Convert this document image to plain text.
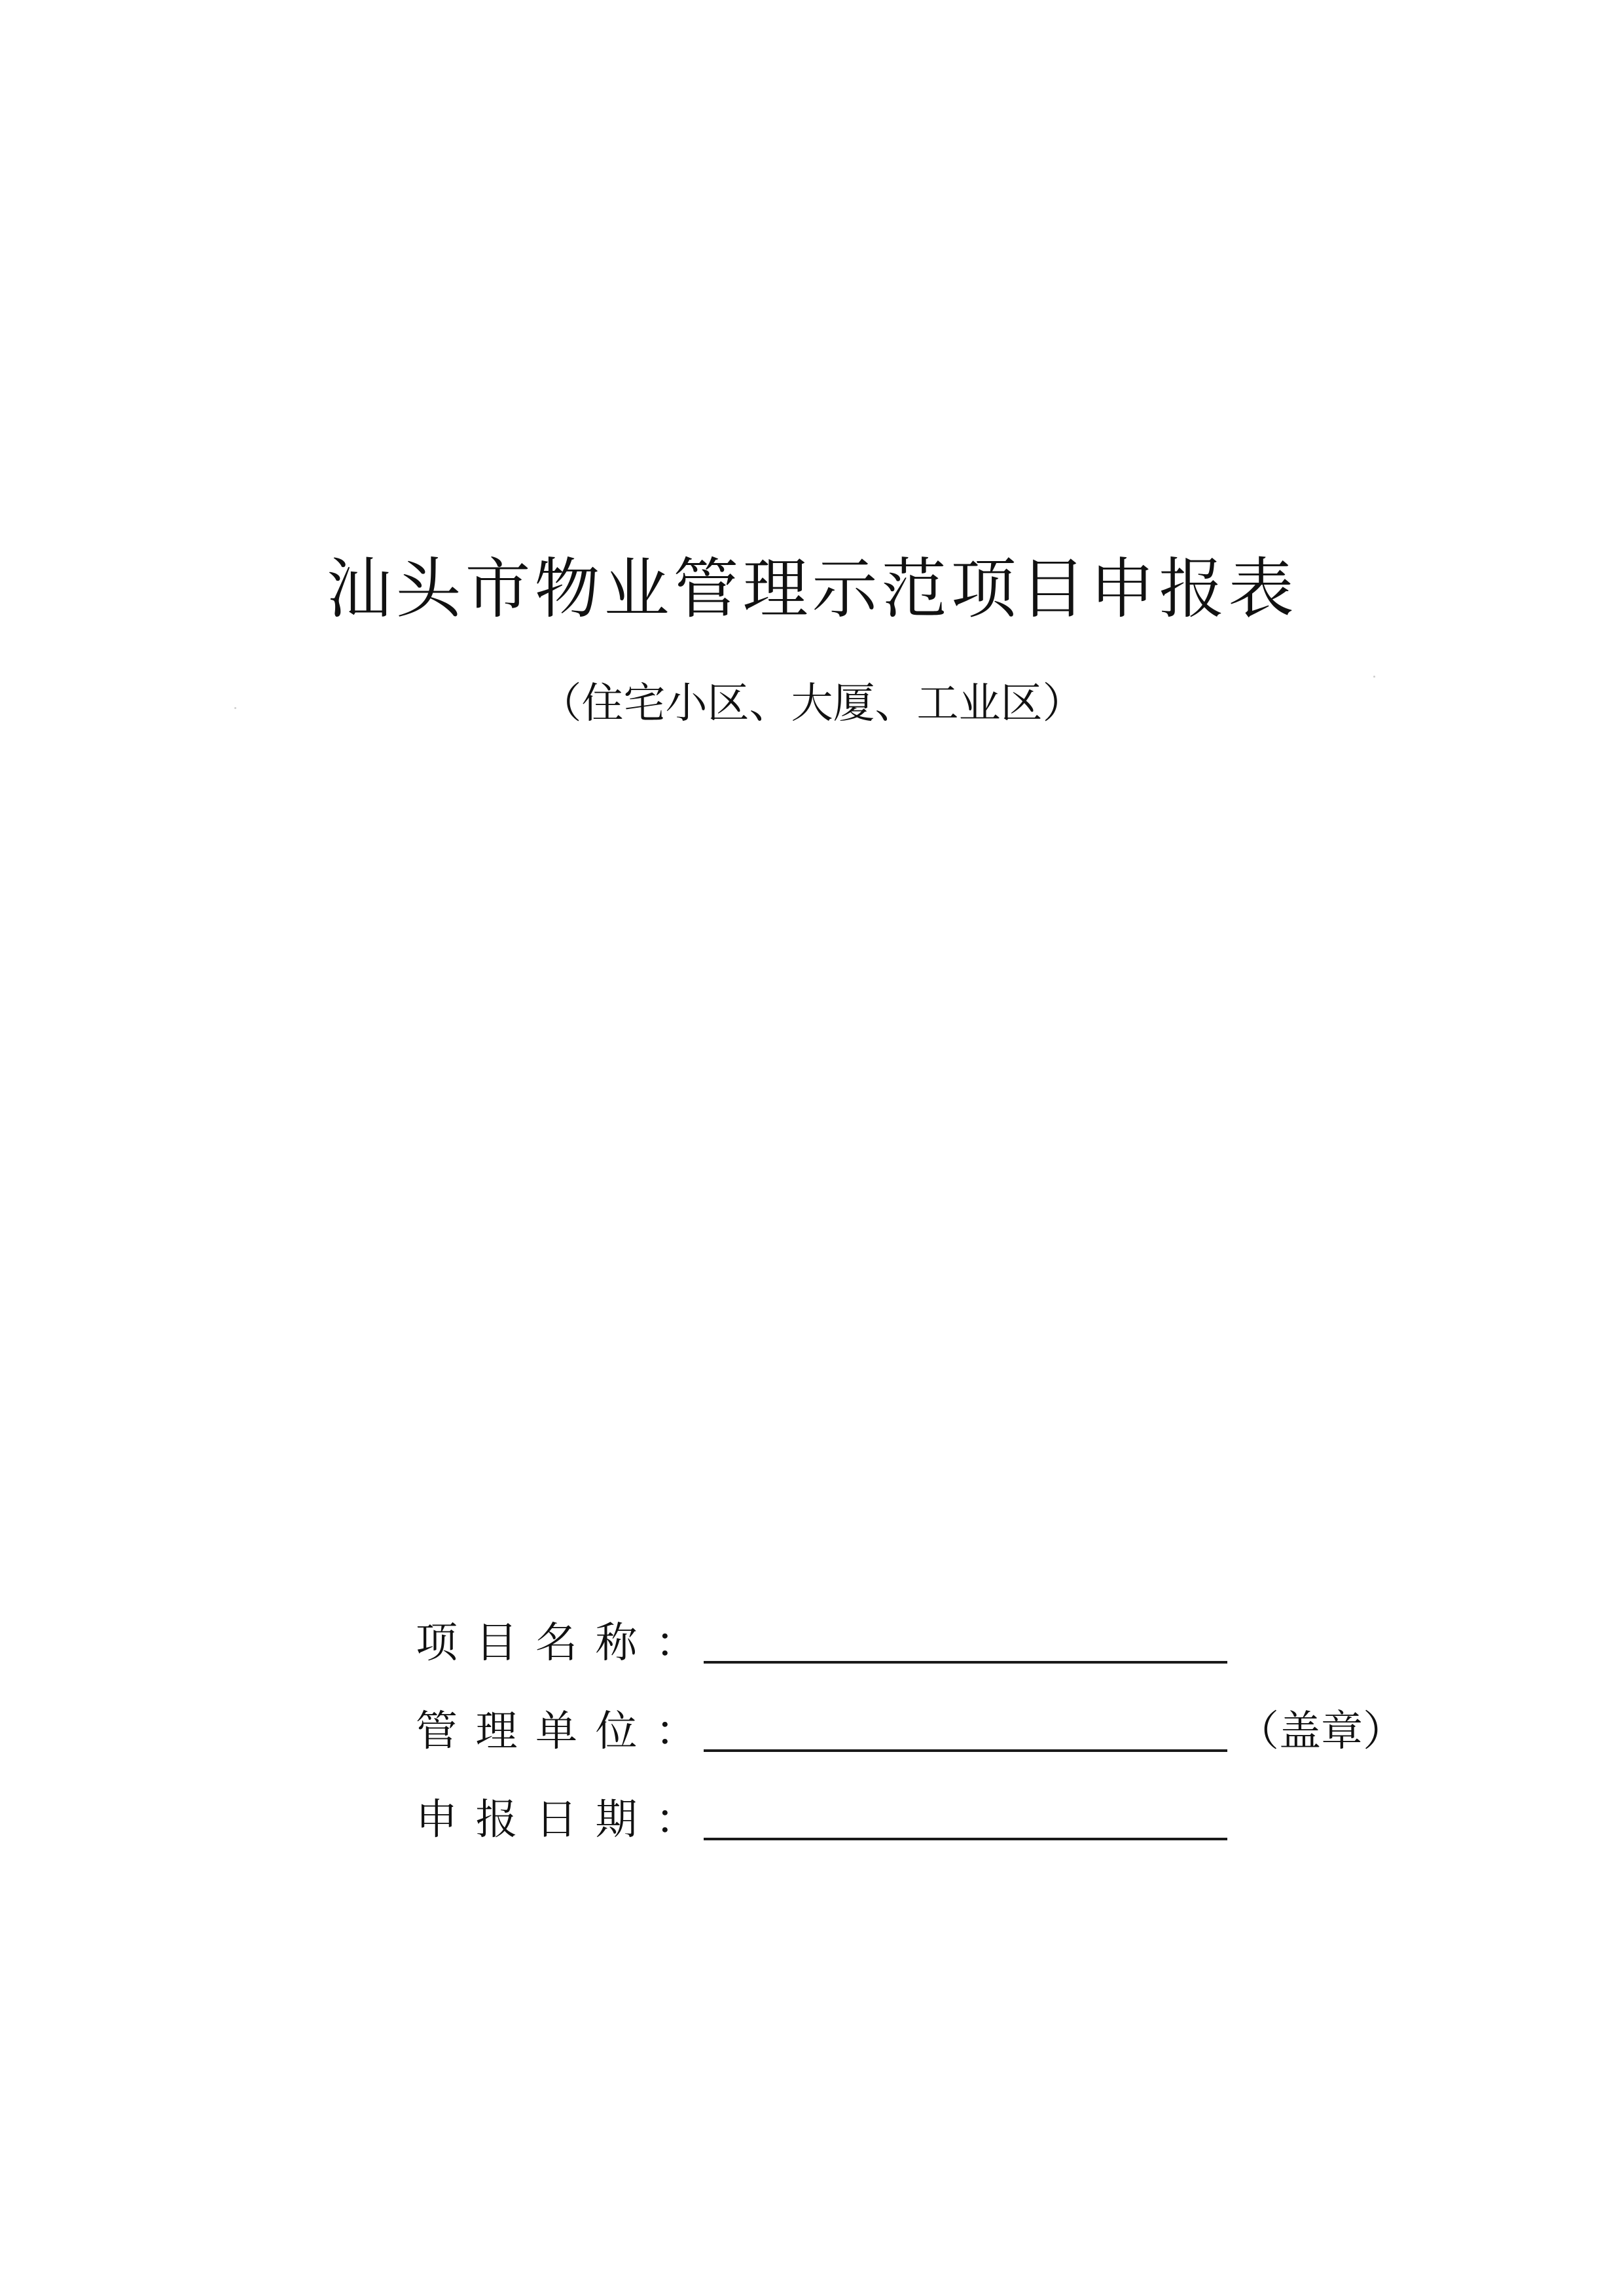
汕头市物业管理示范项目申报表
（住宅小区、大厦、工业区）
项 目 名 称 ：
管 理 单 位 ：	（盖章）
申 报 日 期 ：
